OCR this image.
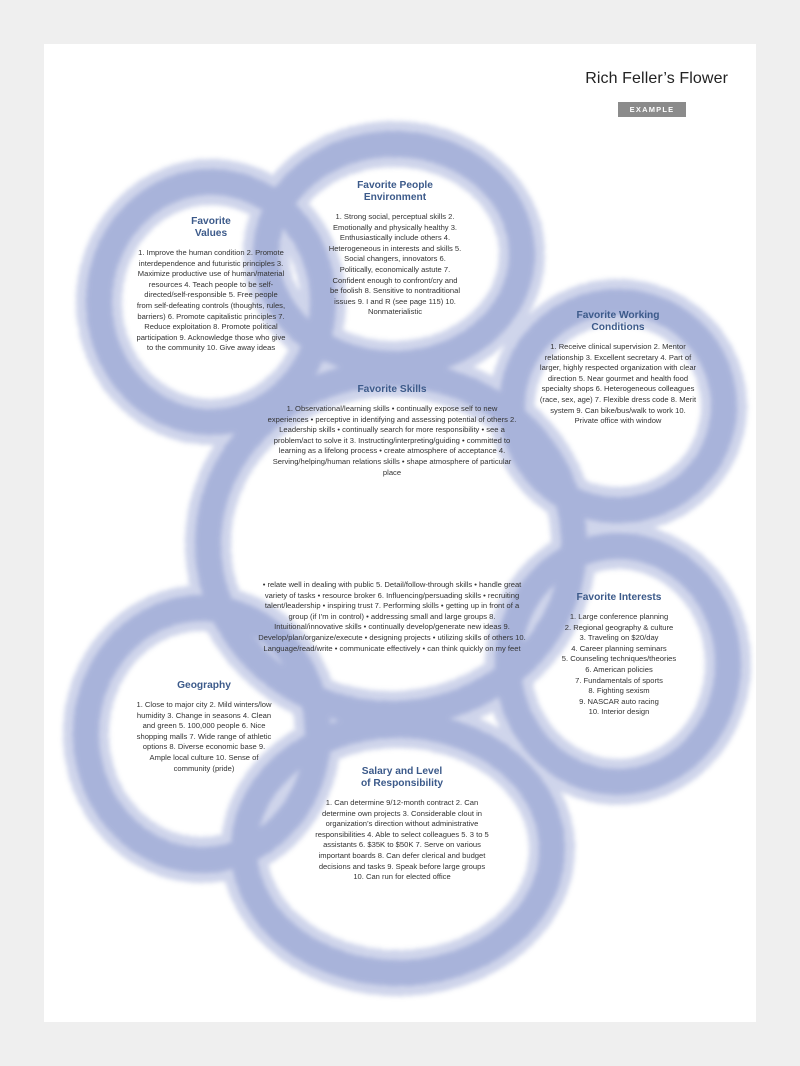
Rich Feller’s Flower
EXAMPLE
Favorite
Values

1. Improve the human condition 2. Promote interdependence and futuristic principles 3. Maximize productive use of human/material resources 4. Teach people to be self-directed/self-responsible 5. Free people from self-defeating controls (thoughts, rules, barriers) 6. Promote capitalistic principles 7. Reduce exploitation 8. Promote political participation 9. Acknowledge those who give to the community 10. Give away ideas

Favorite People
Environment

1. Strong social, perceptual skills 2. Emotionally and physically healthy 3. Enthusiastically include others 4. Heterogeneous in interests and skills 5. Social changers, innovators 6. Politically, economically astute 7. Confident enough to confront/cry and be foolish 8. Sensitive to nontraditional issues 9. I and R (see page 115) 10. Nonmaterialistic	Favorite Working
Conditions

1. Receive clinical supervision 2. Mentor relationship 3. Excellent secretary 4. Part of larger, highly respected organization with clear direction 5. Near gourmet and health food specialty shops 6. Heterogeneous colleagues (race, sex, age) 7. Flexible dress code 8. Merit system 9. Can bike/bus/walk to work 10. Private office with window

Favorite Skills

1. Observational/learning skills • continually expose self to new experiences • perceptive in identifying and assessing potential of others 2. Leadership skills • continually search for more responsibility • see a problem/act to solve it 3. Instructing/interpreting/guiding • committed to learning as a lifelong process • create atmosphere of acceptance 4. Serving/helping/human relations skills • shape atmosphere of particular place

• relate well in dealing with public 5. Detail/follow-through skills • handle great variety of tasks • resource broker 6. Influencing/persuading skills • recruiting talent/leadership • inspiring trust 7. Performing skills • getting up in front of a group (if I’m in control) • addressing small and large groups 8. Intuitional/innovative skills • continually develop/generate new ideas 9. Develop/plan/organize/execute • designing projects • utilizing skills of others 10. Language/read/write • communicate effectively • can think quickly on my feet

Favorite Interests

1. Large conference planning

2. Regional geography & culture

3. Traveling on $20/day

4. Career planning seminars

5. Counseling techniques/theories

6. American policies

7. Fundamentals of sports

8. Fighting sexism

9. NASCAR auto racing

10. Interior design

Geography

1. Close to major city 2. Mild winters/low humidity 3. Change in seasons 4. Clean and green 5. 100,000 people 6. Nice shopping malls 7. Wide range of athletic options 8. Diverse economic base 9. Ample local culture 10. Sense of community (pride)	Salary and Level
of Responsibility

1. Can determine 9/12-month contract 2. Can determine own projects 3. Considerable clout in organization’s direction without administrative responsibilities 4. Able to select colleagues 5. 3 to 5 assistants 6. $35K to $50K 7. Serve on various important boards 8. Can defer clerical and budget decisions and tasks 9. Speak before large groups 10. Can run for elected office
